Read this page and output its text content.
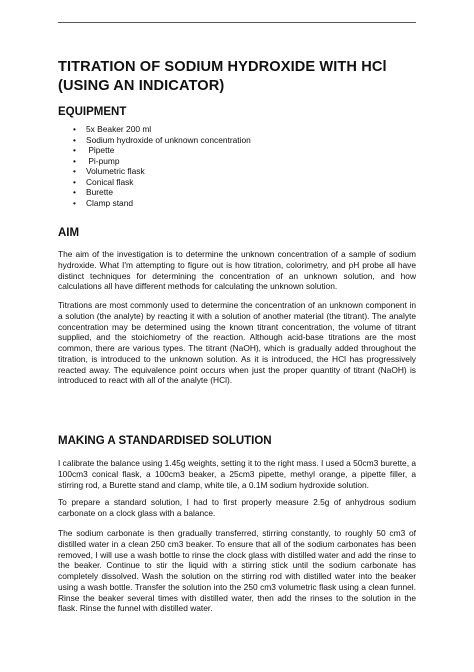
TITRATION OF SODIUM HYDROXIDE WITH HCl (USING AN INDICATOR)
EQUIPMENT
• 5x Beaker 200 ml
• Sodium hydroxide of unknown concentration
• Pipette
• Pi-pump
• Volumetric flask
• Conical flask
• Burette
• Clamp stand
AIM

The aim of the investigation is to determine the unknown concentration of a sample of sodium hydroxide. What I'm attempting to figure out is how titration, colorimetry, and pH probe all have distinct techniques for determining the concentration of an unknown solution, and how calculations all have different methods for calculating the unknown solution.

Titrations are most commonly used to determine the concentration of an unknown component in a solution (the analyte) by reacting it with a solution of another material (the titrant). The analyte concentration may be determined using the known titrant concentration, the volume of titrant supplied, and the stoichiometry of the reaction. Although acid-base titrations are the most common, there are various types. The titrant (NaOH), which is gradually added throughout the titration, is introduced to the unknown solution. As it is introduced, the HCl has progressively reacted away. The equivalence point occurs when just the proper quantity of titrant (NaOH) is introduced to react with all of the analyte (HCl).

MAKING A STANDARDISED SOLUTION

I calibrate the balance using 1.45g weights, setting it to the right mass. I used a 50cm3 burette, a 100cm3 conical flask, a 100cm3 beaker, a 25cm3 pipette, methyl orange, a pipette filler, a stirring rod, a Burette stand and clamp, white tile, a 0.1M sodium hydroxide solution.

To prepare a standard solution, I had to first properly measure 2.5g of anhydrous sodium carbonate on a clock glass with a balance.

The sodium carbonate is then gradually transferred, stirring constantly, to roughly 50 cm3 of distilled water in a clean 250 cm3 beaker. To ensure that all of the sodium carbonates has been removed, I will use a wash bottle to rinse the clock glass with distilled water and add the rinse to the beaker. Continue to stir the liquid with a stirring stick until the sodium carbonate has completely dissolved. Wash the solution on the stirring rod with distilled water into the beaker using a wash bottle. Transfer the solution into the 250 cm3 volumetric flask using a clean funnel. Rinse the beaker several times with distilled water, then add the rinses to the solution in the flask. Rinse the funnel with distilled water.
